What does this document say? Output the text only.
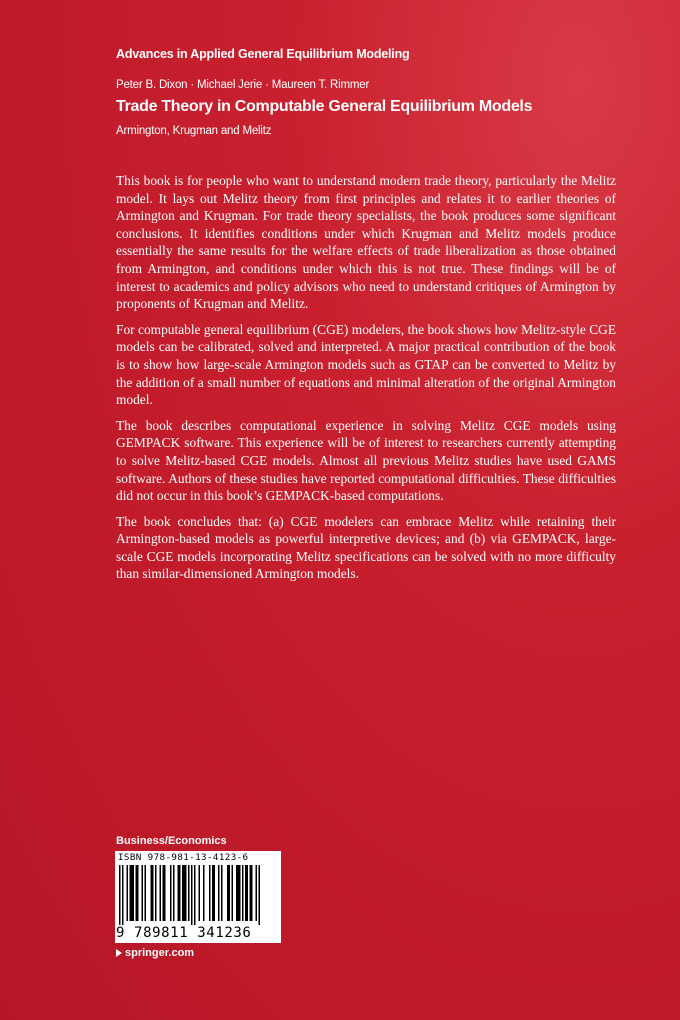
Advances in Applied General Equilibrium Modeling
Peter B. Dixon · Michael Jerie · Maureen T. Rimmer
Trade Theory in Computable General Equilibrium Models
Armington, Krugman and Melitz

This book is for people who want to understand modern trade theory, particularly the Melitz model. It lays out Melitz theory from first principles and relates it to earlier theories of Armington and Krugman. For trade theory specialists, the book produces some significant conclusions. It identifies conditions under which Krugman and Melitz models produce essentially the same results for the welfare effects of trade liberalization as those obtained from Armington, and conditions under which this is not true. These findings will be of interest to academics and policy advisors who need to understand critiques of Armington by proponents of Krugman and Melitz.

For computable general equilibrium (CGE) modelers, the book shows how Melitz-style CGE models can be calibrated, solved and interpreted. A major practical contribution of the book is to show how large-scale Armington models such as GTAP can be converted to Melitz by the addition of a small number of equations and minimal alteration of the original Armington model.

The book describes computational experience in solving Melitz CGE models using GEMPACK software. This experience will be of interest to researchers currently attempting to solve Melitz-based CGE models. Almost all previous Melitz studies have used GAMS software. Authors of these studies have reported computational difficulties. These difficulties did not occur in this book’s GEMPACK-based computations.

The book concludes that: (a) CGE modelers can embrace Melitz while retaining their Armington-based models as powerful interpretive devices; and (b) via GEMPACK, large-scale CGE models incorporating Melitz specifications can be solved with no more difficulty than similar-dimensioned Armington models.

Business/Economics
ISBN 978-981-13-4123-6
9 789811 341236
springer.com
